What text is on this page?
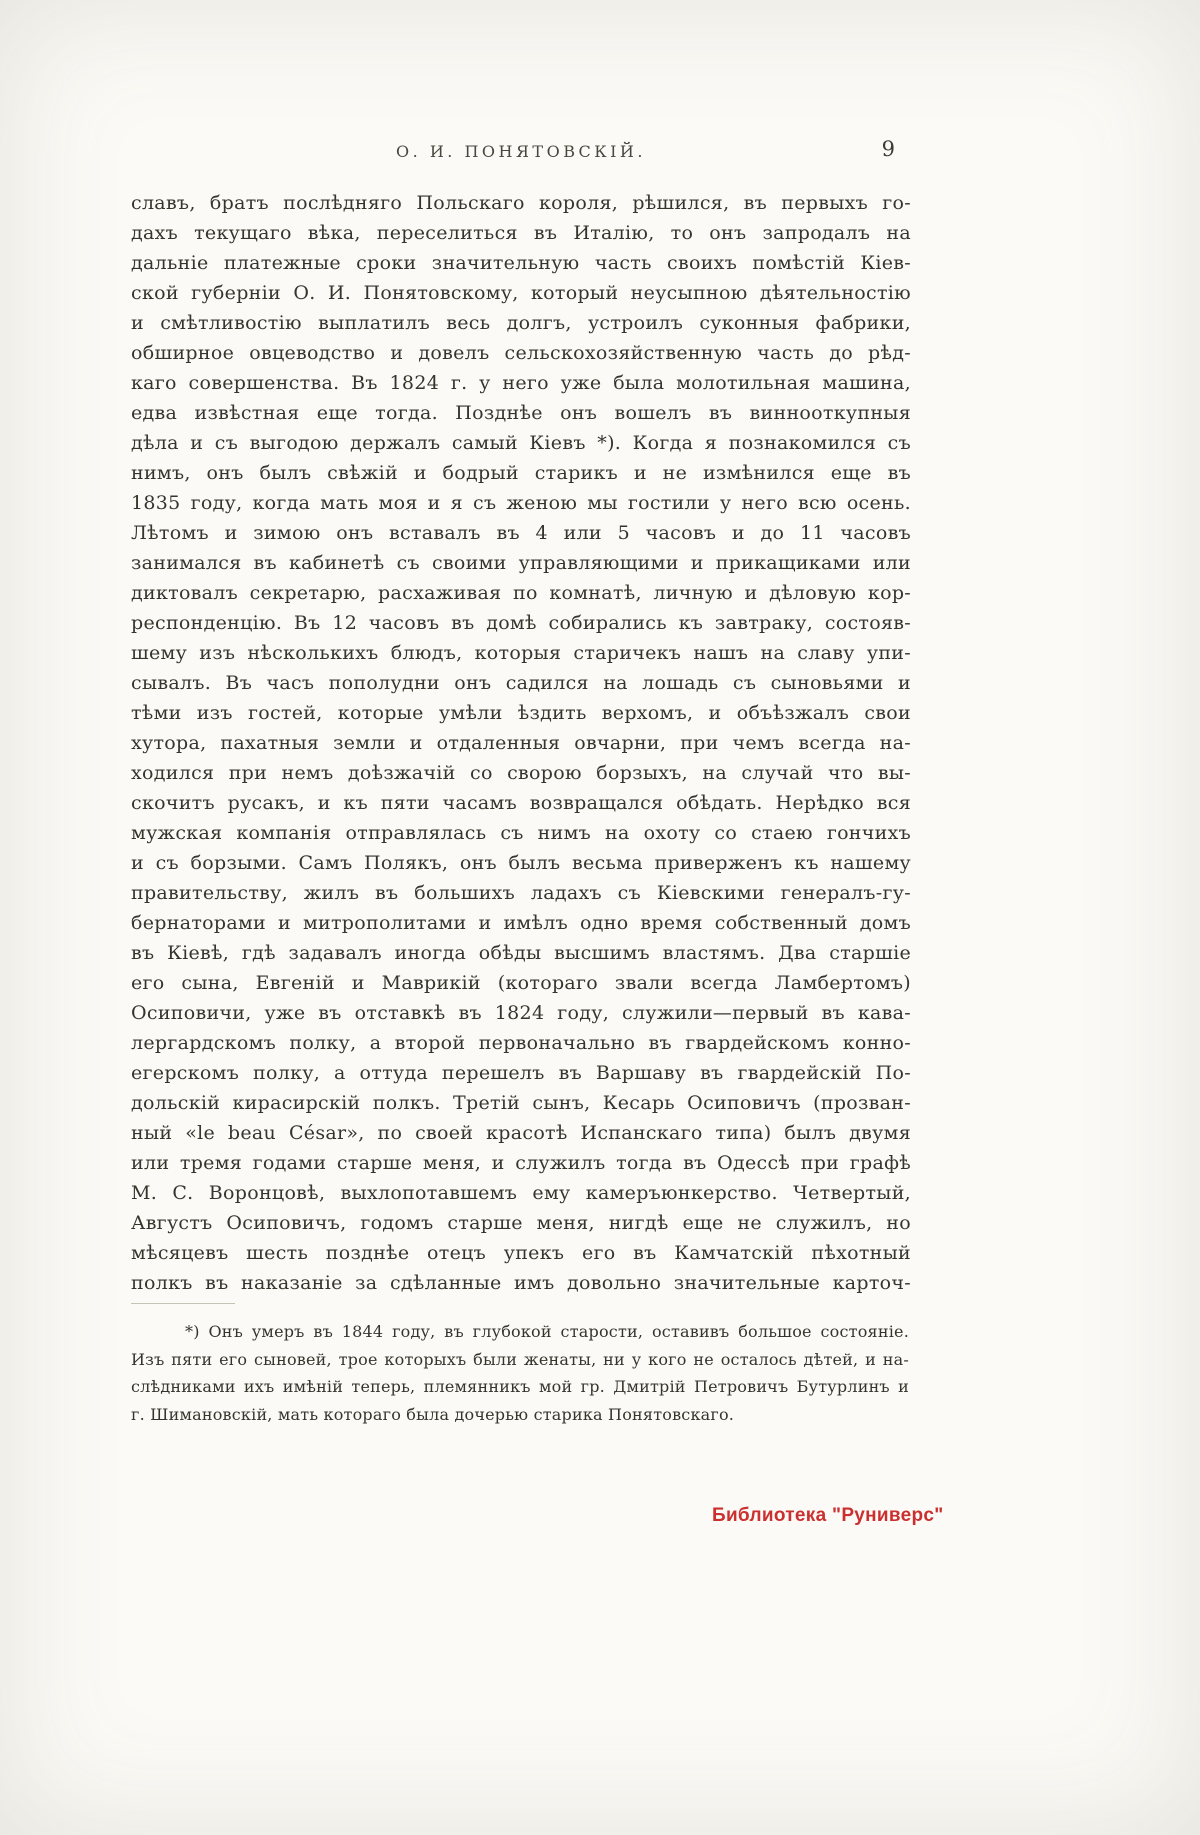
О. И. ПОНЯТОВСКІЙ.	9
славъ, братъ послѣдняго Польскаго короля, рѣшился, въ первыхъ го-
дахъ текущаго вѣка, переселиться въ Италію, то онъ запродалъ на
дальніе платежные сроки значительную часть своихъ помѣстій Кіев-
ской губерніи О. И. Понятовскому, который неусыпною дѣятельностію
и смѣтливостію выплатилъ весь долгъ, устроилъ суконныя фабрики,
обширное овцеводство и довелъ сельскохозяйственную часть до рѣд-
каго совершенства. Въ 1824 г. у него уже была молотильная машина,
едва извѣстная еще тогда. Позднѣе онъ вошелъ въ виннооткупныя
дѣла и съ выгодою держалъ самый Кіевъ *). Когда я познакомился съ
нимъ, онъ былъ свѣжій и бодрый старикъ и не измѣнился еще въ
1835 году, когда мать моя и я съ женою мы гостили у него всю осень.
Лѣтомъ и зимою онъ вставалъ въ 4 или 5 часовъ и до 11 часовъ
занимался въ кабинетѣ съ своими управляющими и прикащиками или
диктовалъ секретарю, расхаживая по комнатѣ, личную и дѣловую кор-
респонденцію. Въ 12 часовъ въ домѣ собирались къ завтраку, состояв-
шему изъ нѣсколькихъ блюдъ, которыя старичекъ нашъ на славу упи-
сывалъ. Въ часъ пополудни онъ садился на лошадь съ сыновьями и
тѣми изъ гостей, которые умѣли ѣздить верхомъ, и объѣзжалъ свои
хутора, пахатныя земли и отдаленныя овчарни, при чемъ всегда на-
ходился при немъ доѣзжачій со сворою борзыхъ, на случай что вы-
скочитъ русакъ, и къ пяти часамъ возвращался обѣдать. Нерѣдко вся
мужская компанія отправлялась съ нимъ на охоту со стаею гончихъ
и съ борзыми. Самъ Полякъ, онъ былъ весьма приверженъ къ нашему
правительству, жилъ въ большихъ ладахъ съ Кіевскими генералъ-гу-
бернаторами и митрополитами и имѣлъ одно время собственный домъ
въ Кіевѣ, гдѣ задавалъ иногда обѣды высшимъ властямъ. Два старшіе
его сына, Евгеній и Маврикій (котораго звали всегда Ламбертомъ)
Осиповичи, уже въ отставкѣ въ 1824 году, служили—первый въ кава-
лергардскомъ полку, а второй первоначально въ гвардейскомъ конно-
егерскомъ полку, а оттуда перешелъ въ Варшаву въ гвардейскій По-
дольскій кирасирскій полкъ. Третій сынъ, Кесарь Осиповичъ (прозван-
ный «le beau César», по своей красотѣ Испанскаго типа) былъ двумя
или тремя годами старше меня, и служилъ тогда въ Одессѣ при графѣ
М. С. Воронцовѣ, выхлопотавшемъ ему камеръюнкерство. Четвертый,
Августъ Осиповичъ, годомъ старше меня, нигдѣ еще не служилъ, но
мѣсяцевъ шесть позднѣе отецъ упекъ его въ Камчатскій пѣхотный
полкъ въ наказаніе за сдѣланные имъ довольно значительные карточ-
*) Онъ умеръ въ 1844 году, въ глубокой старости, оставивъ большое состояніе.
Изъ пяти его сыновей, трое которыхъ были женаты, ни у кого не осталось дѣтей, и на-
слѣдниками ихъ имѣній теперь, племянникъ мой гр. Дмитрій Петровичъ Бутурлинъ и
г. Шимановскій, мать котораго была дочерью старика Понятовскаго.
Библиотека "Руниверс"
